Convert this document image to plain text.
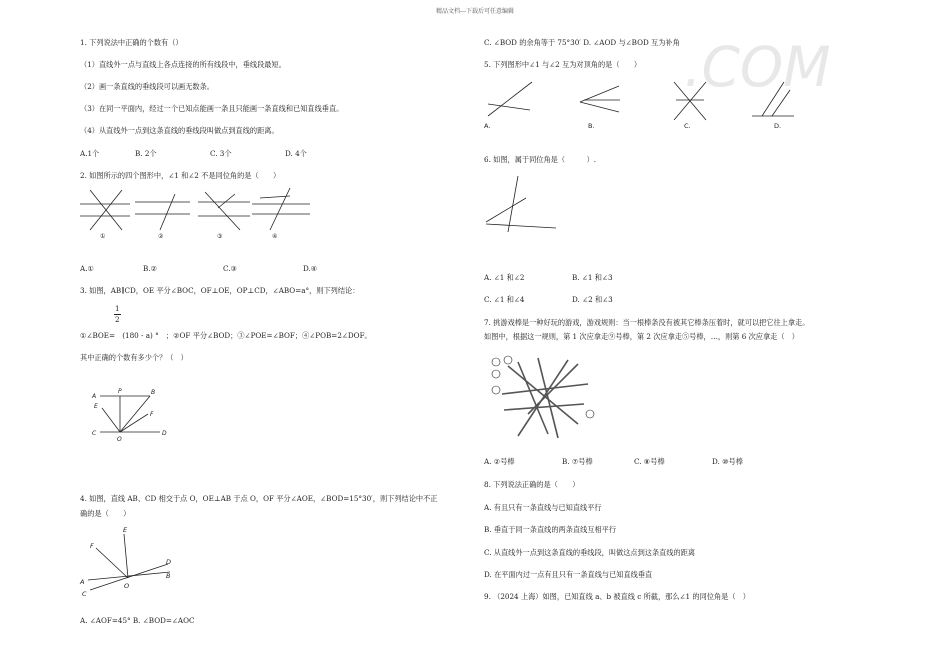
精品文档---下载后可任意编辑
1. 下列说法中正确的个数有（）
（1）直线外一点与直线上各点连接的所有线段中，垂线段最短。
（2）画一条直线的垂线段可以画无数条。
（3）在同一平面内，经过一个已知点能画一条且只能画一条直线和已知直线垂直。
（4）从直线外一点到这条直线的垂线段叫做点到直线的距离。
A.1个	B. 2个	C. 3个	D. 4个
2. 如图所示的四个图形中，∠1 和∠2 不是同位角的是（　　）
①	②	③	④
A.①	B.②	C.③	D.④
3. 如图，AB∥CD，OE 平分∠BOC，OF⊥OE，OP⊥CD，∠ABO=a°，则下列结论：
$\frac{1}{2}$
①∠BOE=　(180 - a) °　；②OF 平分∠BOD；③∠POE=∠BOF；④∠POB=2∠DOF。
其中正确的个数有多少个？（　）
A
P	B
E
F
C
O
D
4. 如图，直线 AB、CD 相交于点 O，OE⊥AB 于点 O，OF 平分∠AOE，∠BOD=15°30′，则下列结论中不正
确的是（　　）
E
F
D
A	O
B
C
A. ∠AOF=45° B. ∠BOD=∠AOC
C. ∠BOD 的余角等于 75°30′ D. ∠AOD 与∠BOD 互为补角
5. 下列图形中∠1 与∠2 互为对顶角的是（　　） .COM
A.	B.	C.	D.
6. 如图，属于同位角是（　　　）.
A. ∠1 和∠2	B. ∠1 和∠3
C. ∠1 和∠4	D. ∠2 和∠3
7. 挑游戏棒是一种好玩的游戏，游戏规则：当一根棒条没有被其它棒条压着时，就可以把它往上拿走。
如图中，根据这一规则，第 1 次应拿走⑨号棒，第 2 次应拿走⑤号棒，…，则第 6 次应拿走（　）
A. ②号棒	B. ⑦号棒	C. ⑧号棒	D. ⑩号棒
8. 下列说法正确的是（　　）
A. 有且只有一条直线与已知直线平行
B. 垂直于同一条直线的两条直线互相平行
C. 从直线外一点到这条直线的垂线段，叫做这点到这条直线的距离
D. 在平面内过一点有且只有一条直线与已知直线垂直
9. （2024 上海）如图，已知直线 a、b 被直线 c 所截，那么∠1 的同位角是（　）
